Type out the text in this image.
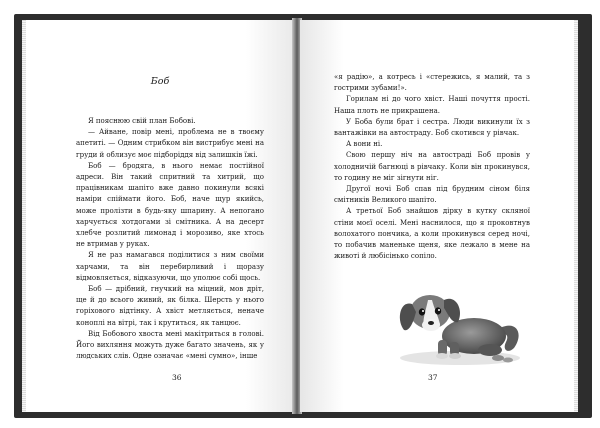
Боб

Я пояснюю свій план Бобові.

— Айване, повір мені, проблема не в твоєму апетиті. — Одним стрибком він вистрибує мені на груди й облизує моє підборіддя від залишків їжі.

Боб — бродяга, в нього немає постійної адреси. Він такий спритний та хитрий, що працівникам шапіто вже давно покинули всякі наміри спіймати його. Боб, наче щур якийсь, може пролізти в будь-яку шпарину. А непогано харчується хотдогами зі смітника. А на десерт хлебче розлитий лимонад і морозиво, яке хтось не втримав у руках.

Я не раз намагався поділитися з ним своїми харчами, та він перебирливий і щоразу відмовляється, відказуючи, що уполює собі щось.

Боб — дрібний, гнучкий на міцний, мов дріт, ще й до всього живий, як білка. Шерсть у нього горіхового відтінку. А хвіст метляється, неначе коноплі на вітрі, так і крутиться, як танцює.

Від Бобового хвоста мені макітриться в голові. Його вихляння можуть дуже багато значень, як у людських слів. Одне означає «мені сумно», інше

36

«я радію», а котресь і «стережись, я малий, та з гострими зубами!».

Горилам ні до чого хвіст. Наші почуття прості. Наша плоть не прикрашена.

У Боба були брат і сестра. Люди викинули їх з вантажівки на автостраду. Боб скотився у рівчак.

А вони ні.

Свою першу ніч на автостраді Боб провів у холодничій багнюці в рівчаку. Коли він прокинувся, то годину не міг зігнути ніг.

Другої ночі Боб спав під брудним сіном біля смітників Великого шапіто.

А третьої Боб знайшов дірку в кутку скляної стіни моєї оселі. Мені наснилося, що я проковтнув волохатого пончика, а коли прокинувся серед ночі, то побачив маненьке щеня, яке лежало в мене на животі й любісінько сопіло.

37
